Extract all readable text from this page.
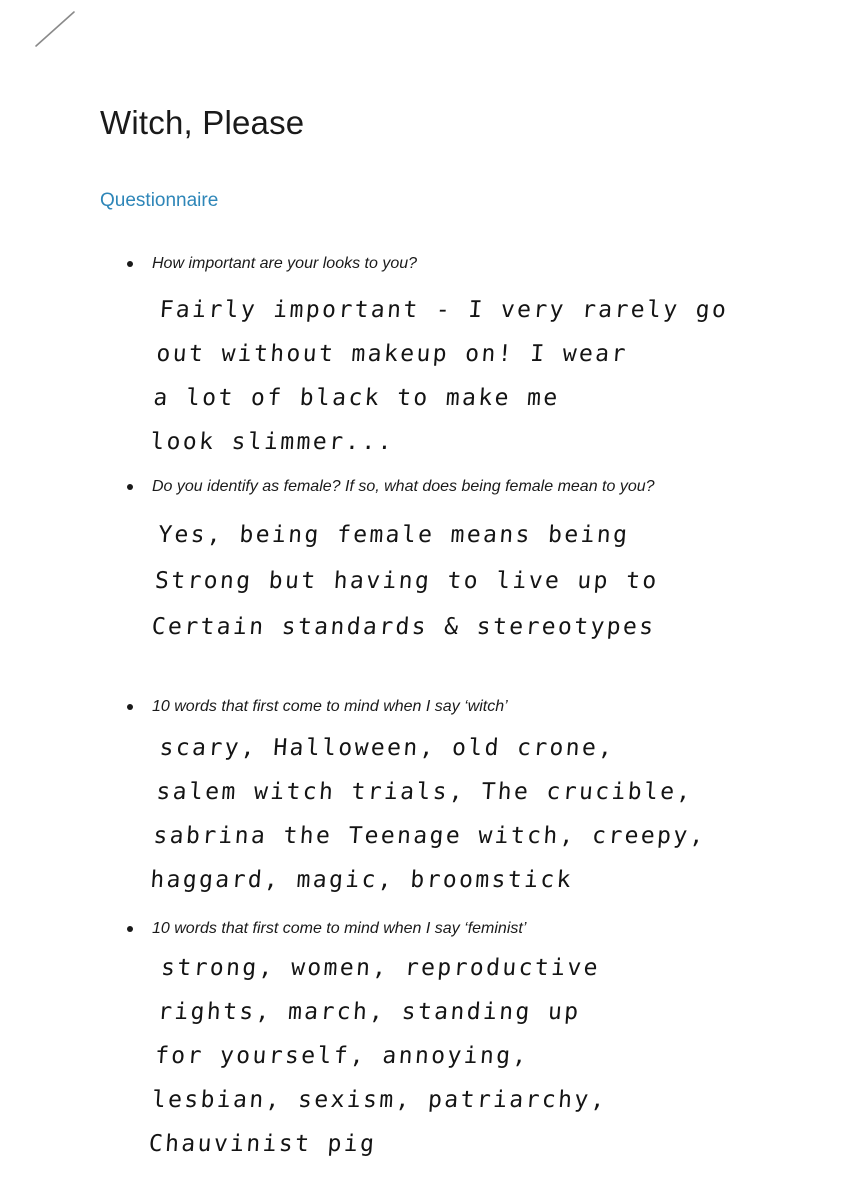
Witch, Please
Questionnaire
How important are your looks to you?
Fairly important - I very rarely go
out without makeup on! I wear
a lot of black to make me
look slimmer...
Do you identify as female? If so, what does being female mean to you?
Yes, being female means being
Strong but having to live up to
Certain standards & stereotypes
10 words that first come to mind when I say ‘witch’
scary, Halloween, old crone,
salem witch trials, The crucible,
sabrina the Teenage witch, creepy,
haggard, magic, broomstick
10 words that first come to mind when I say ‘feminist’
strong, women, reproductive
rights, march, standing up
for yourself, annoying,
lesbian, sexism, patriarchy,
Chauvinist pig
